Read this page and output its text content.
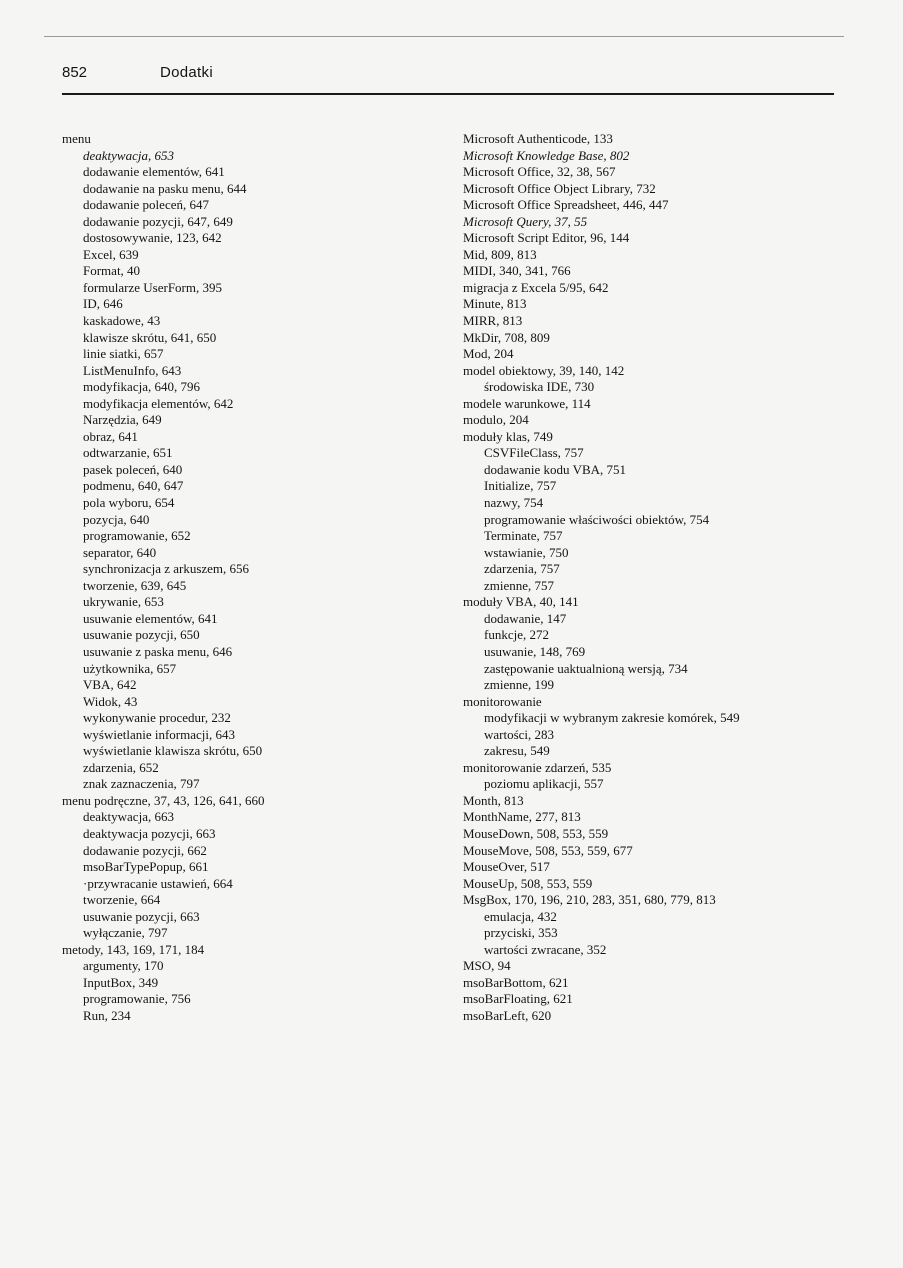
852	Dodatki
menu
deaktywacja, 653
dodawanie elementów, 641
dodawanie na pasku menu, 644
dodawanie poleceń, 647
dodawanie pozycji, 647, 649
dostosowywanie, 123, 642
Excel, 639
Format, 40
formularze UserForm, 395
ID, 646
kaskadowe, 43
klawisze skrótu, 641, 650
linie siatki, 657
ListMenuInfo, 643
modyfikacja, 640, 796
modyfikacja elementów, 642
Narzędzia, 649
obraz, 641
odtwarzanie, 651
pasek poleceń, 640
podmenu, 640, 647
pola wyboru, 654
pozycja, 640
programowanie, 652
separator, 640
synchronizacja z arkuszem, 656
tworzenie, 639, 645
ukrywanie, 653
usuwanie elementów, 641
usuwanie pozycji, 650
usuwanie z paska menu, 646
użytkownika, 657
VBA, 642
Widok, 43
wykonywanie procedur, 232
wyświetlanie informacji, 643
wyświetlanie klawisza skrótu, 650
zdarzenia, 652
znak zaznaczenia, 797
menu podręczne, 37, 43, 126, 641, 660
deaktywacja, 663
deaktywacja pozycji, 663
dodawanie pozycji, 662
msoBarTypePopup, 661
·przywracanie ustawień, 664
tworzenie, 664
usuwanie pozycji, 663
wyłączanie, 797
metody, 143, 169, 171, 184
argumenty, 170
InputBox, 349
programowanie, 756
Run, 234
Microsoft Authenticode, 133
Microsoft Knowledge Base, 802
Microsoft Office, 32, 38, 567
Microsoft Office Object Library, 732
Microsoft Office Spreadsheet, 446, 447
Microsoft Query, 37, 55
Microsoft Script Editor, 96, 144
Mid, 809, 813
MIDI, 340, 341, 766
migracja z Excela 5/95, 642
Minute, 813
MIRR, 813
MkDir, 708, 809
Mod, 204
model obiektowy, 39, 140, 142
środowiska IDE, 730
modele warunkowe, 114
modulo, 204
moduły klas, 749
CSVFileClass, 757
dodawanie kodu VBA, 751
Initialize, 757
nazwy, 754
programowanie właściwości obiektów, 754
Terminate, 757
wstawianie, 750
zdarzenia, 757
zmienne, 757
moduły VBA, 40, 141
dodawanie, 147
funkcje, 272
usuwanie, 148, 769
zastępowanie uaktualnioną wersją, 734
zmienne, 199
monitorowanie
modyfikacji w wybranym zakresie komórek, 549
wartości, 283
zakresu, 549
monitorowanie zdarzeń, 535
poziomu aplikacji, 557
Month, 813
MonthName, 277, 813
MouseDown, 508, 553, 559
MouseMove, 508, 553, 559, 677
MouseOver, 517
MouseUp, 508, 553, 559
MsgBox, 170, 196, 210, 283, 351, 680, 779, 813
emulacja, 432
przyciski, 353
wartości zwracane, 352
MSO, 94
msoBarBottom, 621
msoBarFloating, 621
msoBarLeft, 620
